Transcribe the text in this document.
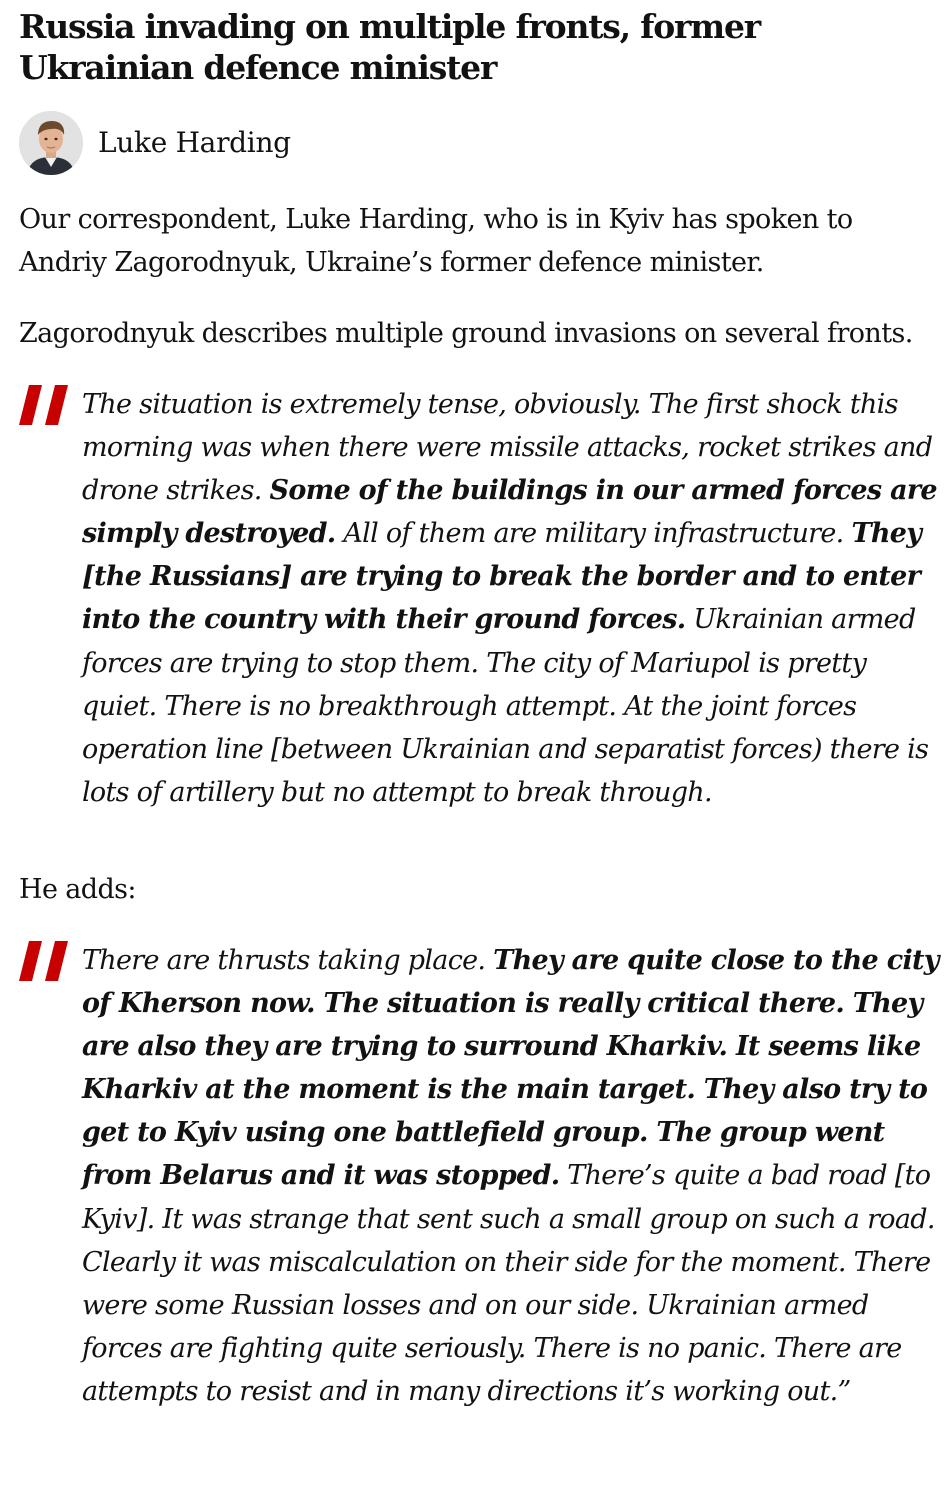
Russia invading on multiple fronts, former Ukrainian defence minister
Luke Harding

Our correspondent, Luke Harding, who is in Kyiv has spoken to Andriy Zagorodnyuk, Ukraine’s former defence minister.

Zagorodnyuk describes multiple ground invasions on several fronts.

The situation is extremely tense, obviously. The first shock this morning was when there were missile attacks, rocket strikes and drone strikes. Some of the buildings in our armed forces are simply destroyed. All of them are military infrastructure. They [the Russians] are trying to break the border and to enter into the country with their ground forces. Ukrainian armed forces are trying to stop them. The city of Mariupol is pretty quiet. There is no breakthrough attempt. At the joint forces operation line [between Ukrainian and separatist forces) there is lots of artillery but no attempt to break through.

He adds:

There are thrusts taking place. They are quite close to the city of Kherson now. The situation is really critical there. They are also they are trying to surround Kharkiv. It seems like Kharkiv at the moment is the main target. They also try to get to Kyiv using one battlefield group. The group went from Belarus and it was stopped. There’s quite a bad road [to Kyiv]. It was strange that sent such a small group on such a road. Clearly it was miscalculation on their side for the moment. There were some Russian losses and on our side. Ukrainian armed forces are fighting quite seriously. There is no panic. There are attempts to resist and in many directions it’s working out.”
